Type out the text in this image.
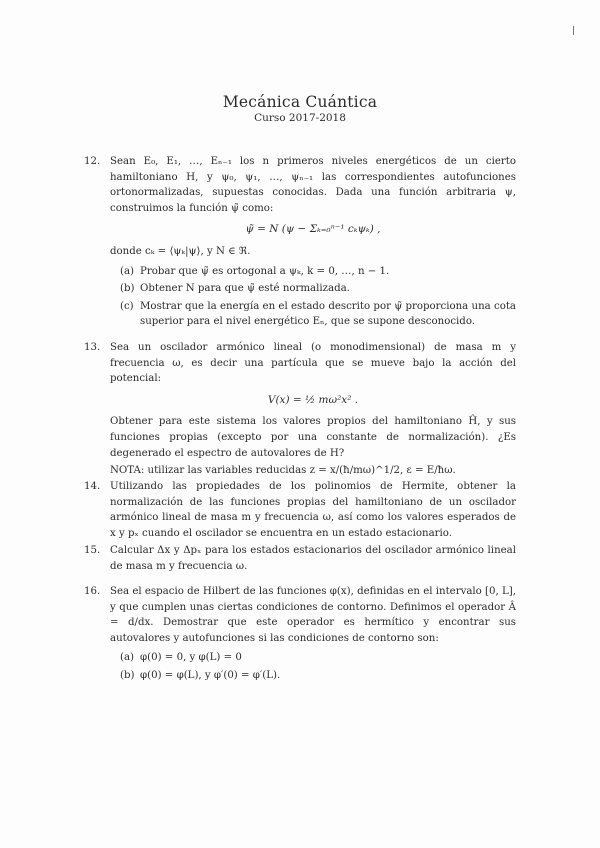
Mecánica Cuántica
Curso 2017-2018
12. Sean E₀, E₁, …, Eₙ₋₁ los n primeros niveles energéticos de un cierto hamiltoniano H, y ψ₀, ψ₁, …, ψₙ₋₁ las correspondientes autofunciones ortonormalizadas, supuestas conocidas. Dada una función arbitraria ψ, construimos la función ψ̃ como:
ψ̃ = N (ψ − Σₖ₌₀ⁿ⁻¹ cₖψₖ) ,
donde cₖ = ⟨ψₖ|ψ⟩, y N ∈ ℜ.
(a) Probar que ψ̃ es ortogonal a ψₖ, k = 0, …, n − 1.
(b) Obtener N para que ψ̃ esté normalizada.
(c) Mostrar que la energía en el estado descrito por ψ̃ proporciona una cota superior para el nivel energético Eₙ, que se supone desconocido.
13. Sea un oscilador armónico lineal (o monodimensional) de masa m y frecuencia ω, es decir una partícula que se mueve bajo la acción del potencial:
V(x) = ½ mω²x² .
Obtener para este sistema los valores propios del hamiltoniano Ĥ, y sus funciones propias (excepto por una constante de normalización). ¿Es degenerado el espectro de autovalores de H?
NOTA: utilizar las variables reducidas z = x/(ħ/mω)^1/2, ε = E/ħω.
14. Utilizando las propiedades de los polinomios de Hermite, obtener la normalización de las funciones propias del hamiltoniano de un oscilador armónico lineal de masa m y frecuencia ω, así como los valores esperados de x y pₓ cuando el oscilador se encuentra en un estado estacionario.
15. Calcular Δx y Δpₓ para los estados estacionarios del oscilador armónico lineal de masa m y frecuencia ω.
16. Sea el espacio de Hilbert de las funciones φ(x), definidas en el intervalo [0, L], y que cumplen unas ciertas condiciones de contorno. Definimos el operador Â = d/dx. Demostrar que este operador es hermítico y encontrar sus autovalores y autofunciones si las condiciones de contorno son:
(a) φ(0) = 0, y φ(L) = 0
(b) φ(0) = φ(L), y φ′(0) = φ′(L).
